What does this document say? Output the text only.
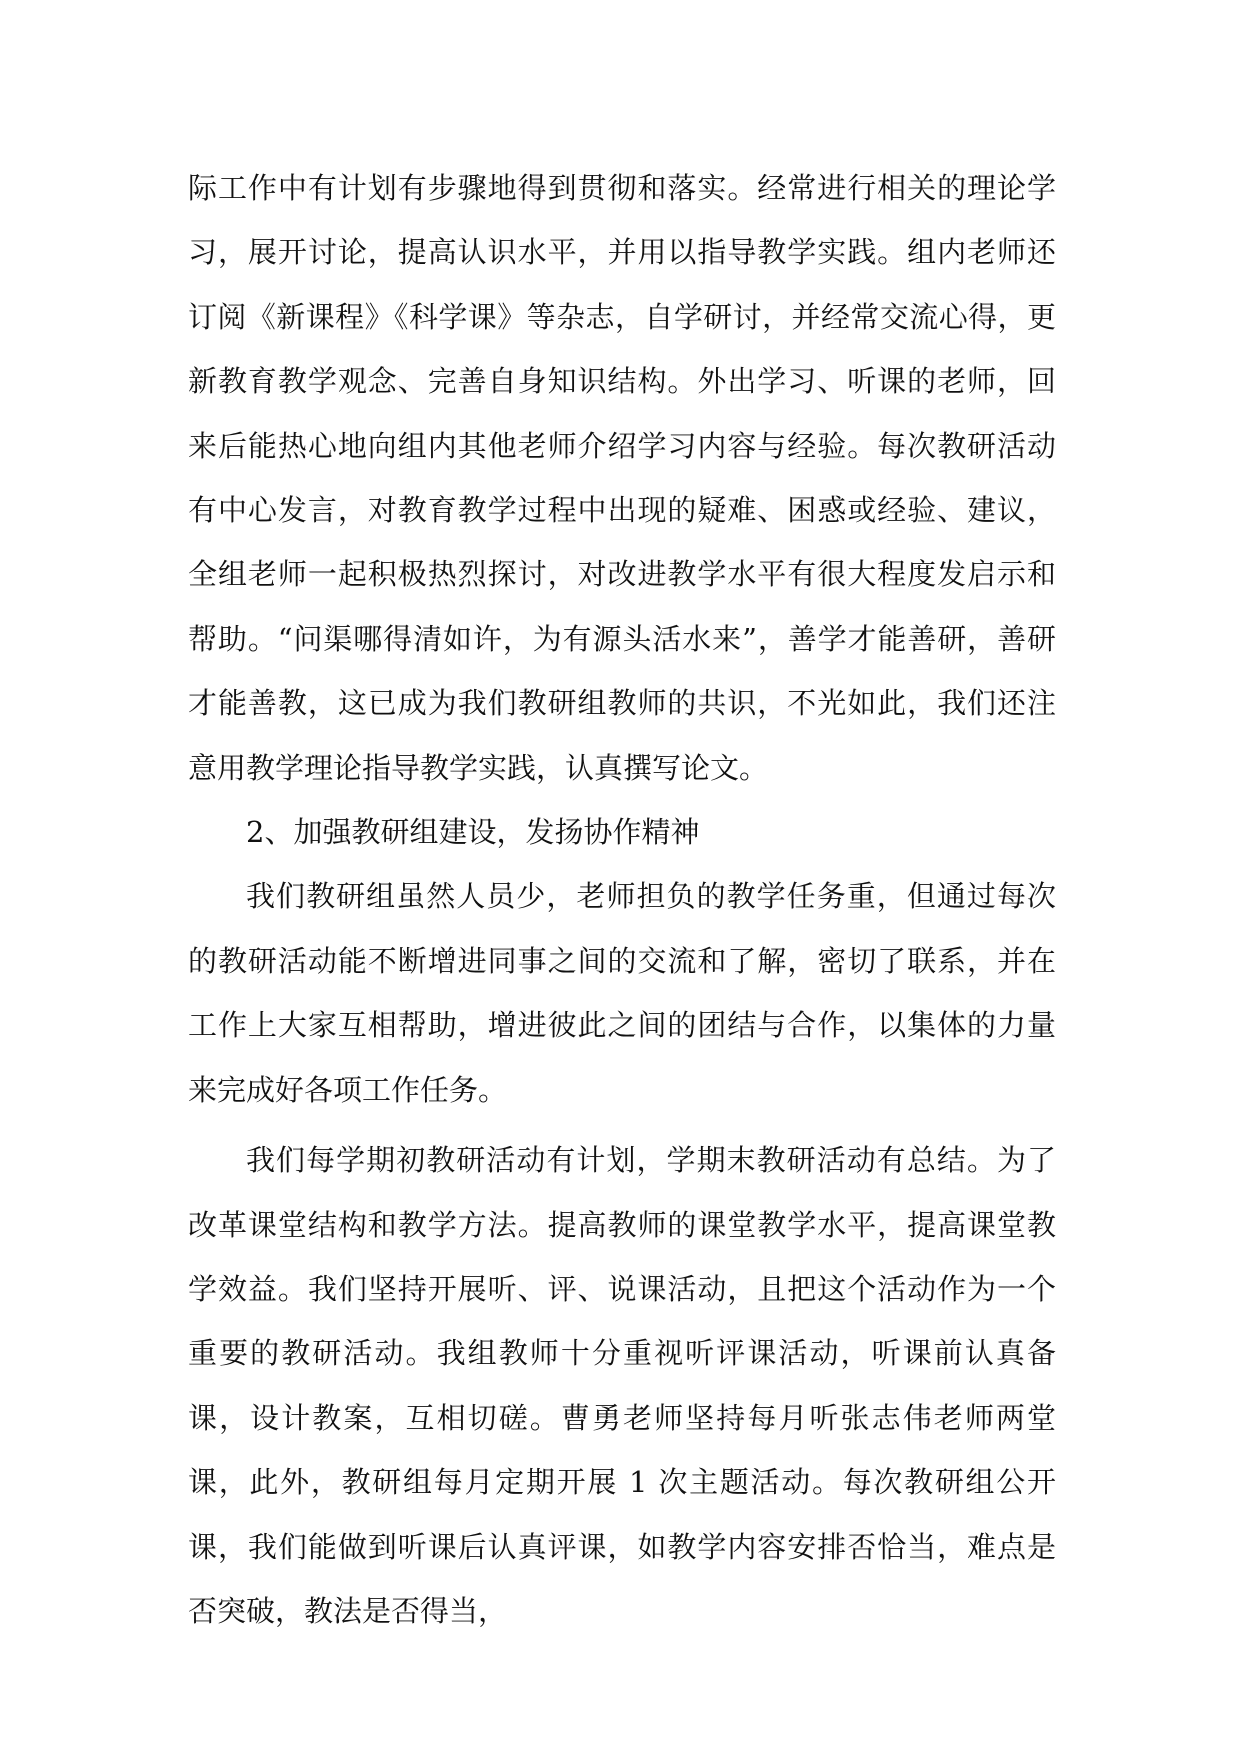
际工作中有计划有步骤地得到贯彻和落实。经常进行相关的理论学习，展开讨论，提高认识水平，并用以指导教学实践。组内老师还订阅《新课程》《科学课》等杂志，自学研讨，并经常交流心得，更新教育教学观念、完善自身知识结构。外出学习、听课的老师，回来后能热心地向组内其他老师介绍学习内容与经验。每次教研活动有中心发言，对教育教学过程中出现的疑难、困惑或经验、建议，全组老师一起积极热烈探讨，对改进教学水平有很大程度发启示和帮助。“问渠哪得清如许，为有源头活水来”，善学才能善研，善研才能善教，这已成为我们教研组教师的共识，不光如此，我们还注意用教学理论指导教学实践，认真撰写论文。

2、加强教研组建设，发扬协作精神

我们教研组虽然人员少，老师担负的教学任务重，但通过每次的教研活动能不断增进同事之间的交流和了解，密切了联系，并在工作上大家互相帮助，增进彼此之间的团结与合作，以集体的力量来完成好各项工作任务。

我们每学期初教研活动有计划，学期末教研活动有总结。为了改革课堂结构和教学方法。提高教师的课堂教学水平，提高课堂教学效益。我们坚持开展听、评、说课活动，且把这个活动作为一个重要的教研活动。我组教师十分重视听评课活动，听课前认真备课，设计教案，互相切磋。曹勇老师坚持每月听张志伟老师两堂课，此外，教研组每月定期开展 1 次主题活动。每次教研组公开课，我们能做到听课后认真评课，如教学内容安排否恰当，难点是否突破，教法是否得当，
